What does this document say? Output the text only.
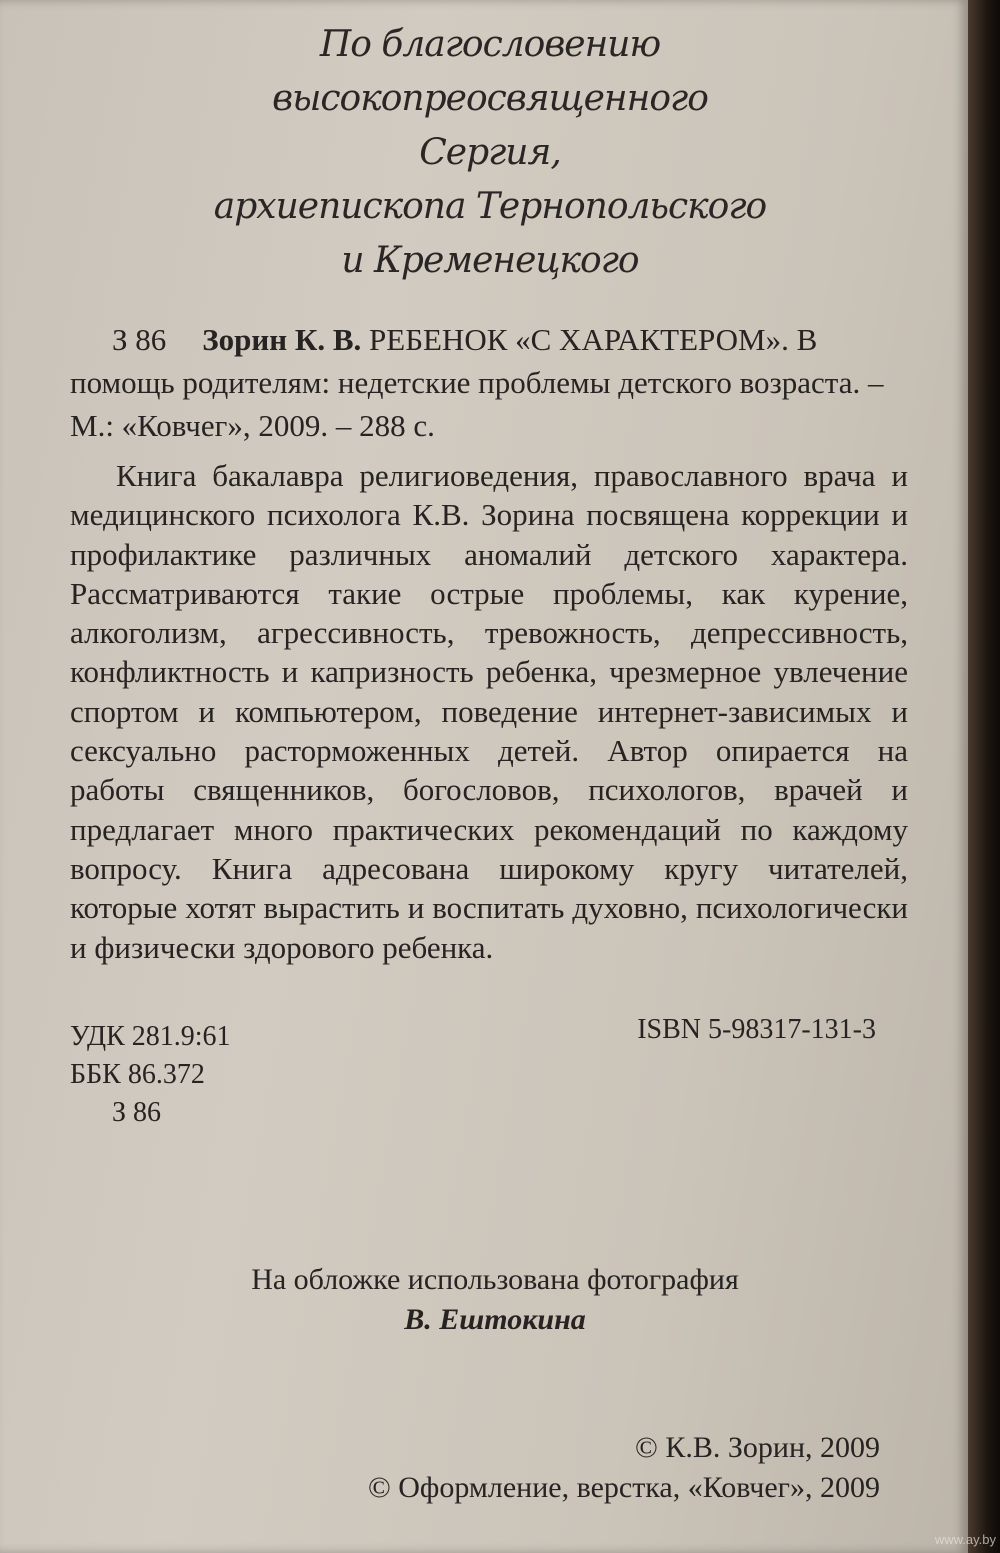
По благословению
высокопреосвященного Сергия,
архиепископа Тернопольского
и Кременецкого
З 86 Зорин К. В. РЕБЕНОК «С ХАРАКТЕРОМ». В помощь родителям: недетские проблемы детского возраста. – М.: «Ковчег», 2009. – 288 с.
Книга бакалавра религиоведения, православного врача и медицинского психолога К.В. Зорина посвящена коррекции и профилактике различных аномалий детского характера. Рассматриваются такие острые проблемы, как курение, алкоголизм, агрессивность, тревожность, депрессивность, конфликтность и капризность ребенка, чрезмерное увлечение спортом и компьютером, поведение интернет-зависимых и сексуально расторможенных детей. Автор опирается на работы священников, богословов, психологов, врачей и предлагает много практических рекомендаций по каждому вопросу. Книга адресована широкому кругу читателей, которые хотят вырастить и воспитать духовно, психологически и физически здорового ребенка.
УДК 281.9:61
ББК 86.372
З 86
ISBN 5-98317-131-3
На обложке использована фотография
В. Ештокина
© К.В. Зорин, 2009
© Оформление, верстка, «Ковчег», 2009
www.ay.by
